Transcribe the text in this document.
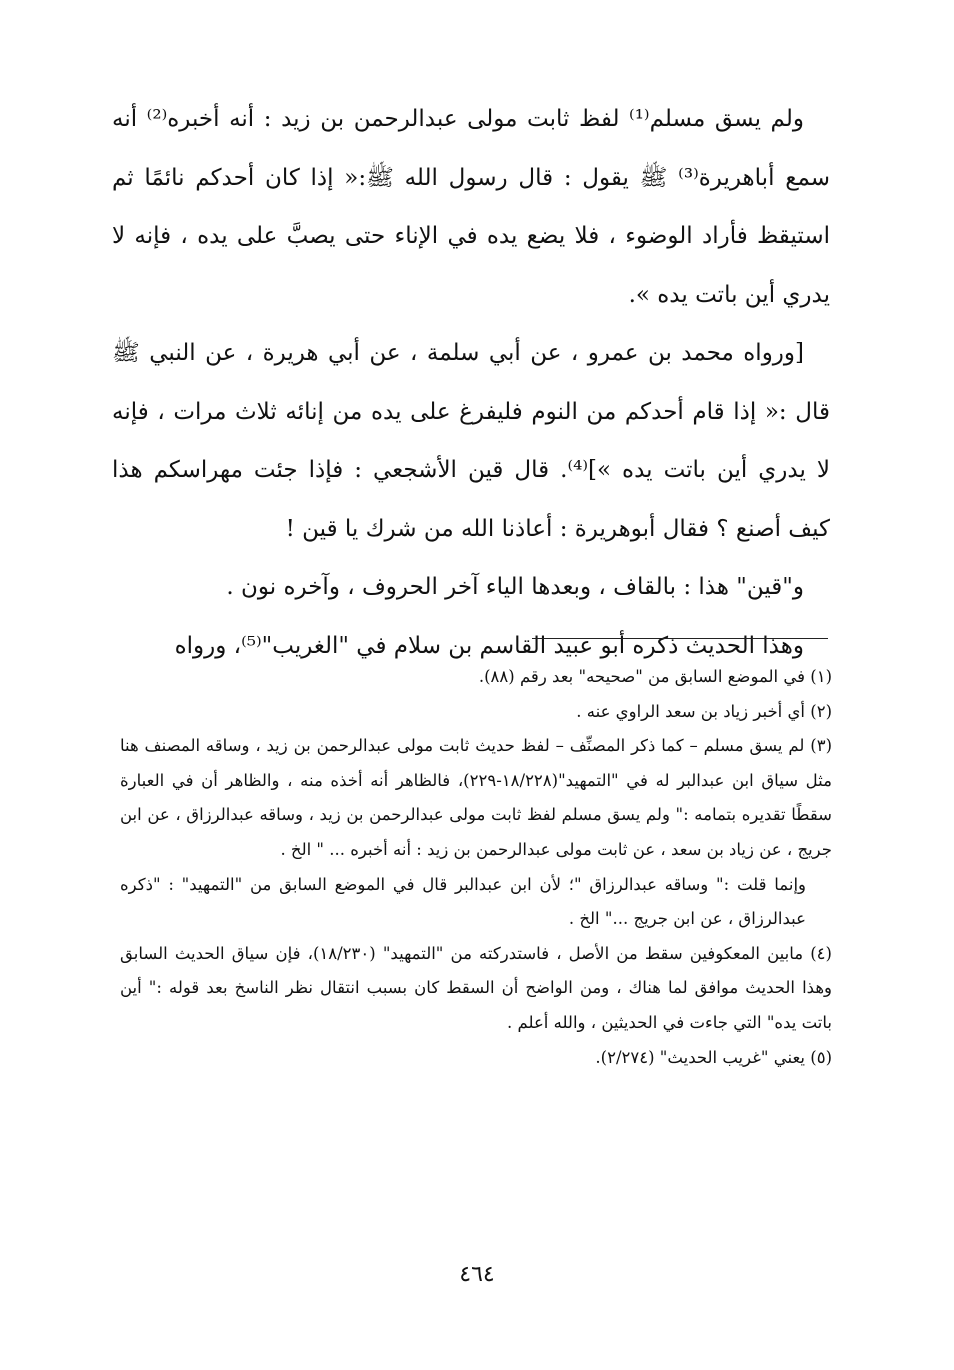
ولم يسق مسلم⁽¹⁾ لفظ ثابت مولى عبدالرحمن بن زيد : أنه أخبره⁽²⁾ أنه سمع أباهريرة⁽³⁾ ﷺ يقول : قال رسول الله ﷺ:« إذا كان أحدكم نائمًا ثم استيقظ فأراد الوضوء ، فلا يضع يده في الإناء حتى يصبَّ على يده ، فإنه لا يدري أين باتت يده ».

[ورواه محمد بن عمرو ، عن أبي سلمة ، عن أبي هريرة ، عن النبي ﷺ قال :« إذا قام أحدكم من النوم فليفرغ على يده من إنائه ثلاث مرات ، فإنه لا يدري أين باتت يده »]⁽⁴⁾. قال قين الأشجعي : فإذا جئت مهراسكم هذا كيف أصنع ؟ فقال أبوهريرة : أعاذنا الله من شرك يا قين !

و"قين" هذا : بالقاف ، وبعدها الياء آخر الحروف ، وآخره نون .

وهذا الحديث ذكره أبو عبيد القاسم بن سلام في "الغريب"⁽⁵⁾، ورواه

(١) في الموضع السابق من "صحيحه" بعد رقم (٨٨).

(٢) أي أخبر زياد بن سعد الراوي عنه .

(٣) لم يسق مسلم – كما ذكر المصنِّف – لفظ حديث ثابت مولى عبدالرحمن بن زيد ، وساقه المصنف هنا مثل سياق ابن عبدالبر له في "التمهيد"(١٨/٢٢٨-٢٢٩)، فالظاهر أنه أخذه منه ، والظاهر أن في العبارة سقطًا تقديره بتمامه :" ولم يسق مسلم لفظ ثابت مولى عبدالرحمن بن زيد ، وساقه عبدالرزاق ، عن ابن جريج ، عن زياد بن سعد ، عن ثابت مولى عبدالرحمن بن زيد : أنه أخبره ... " الخ .

وإنما قلت :" وساقه عبدالرزاق "؛ لأن ابن عبدالبر قال في الموضع السابق من "التمهيد" : "ذكره عبدالرزاق ، عن ابن جريج ..." الخ .

(٤) مابين المعكوفين سقط من الأصل ، فاستدركته من "التمهيد" (١٨/٢٣٠)، فإن سياق الحديث السابق وهذا الحديث موافق لما هناك ، ومن الواضح أن السقط كان بسبب انتقال نظر الناسخ بعد قوله :" أين باتت يده" التي جاءت في الحديثين ، والله أعلم .

(٥) يعني "غريب الحديث" (٢/٢٧٤).

٤٦٤
